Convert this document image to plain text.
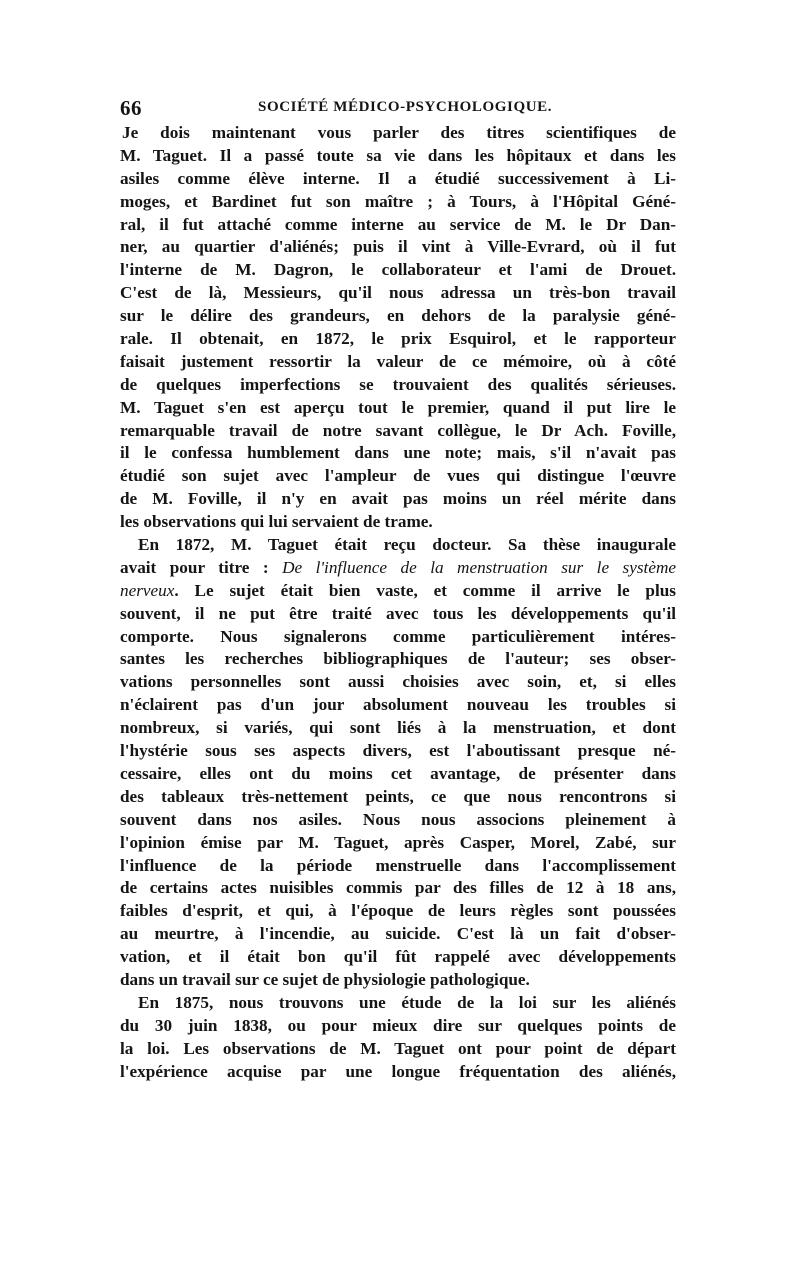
66	SOCIÉTÉ MÉDICO-PSYCHOLOGIQUE.
Je dois maintenant vous parler des titres scientifiques de
M. Taguet. Il a passé toute sa vie dans les hôpitaux et dans les
asiles comme élève interne. Il a étudié successivement à Li-
moges, et Bardinet fut son maître ; à Tours, à l'Hôpital Géné-
ral, il fut attaché comme interne au service de M. le Dr Dan-
ner, au quartier d'aliénés; puis il vint à Ville-Evrard, où il fut
l'interne de M. Dagron, le collaborateur et l'ami de Drouet.
C'est de là, Messieurs, qu'il nous adressa un très-bon travail
sur le délire des grandeurs, en dehors de la paralysie géné-
rale. Il obtenait, en 1872, le prix Esquirol, et le rapporteur
faisait justement ressortir la valeur de ce mémoire, où à côté
de quelques imperfections se trouvaient des qualités sérieuses.
M. Taguet s'en est aperçu tout le premier, quand il put lire le
remarquable travail de notre savant collègue, le Dr Ach. Foville,
il le confessa humblement dans une note; mais, s'il n'avait pas
étudié son sujet avec l'ampleur de vues qui distingue l'œuvre
de M. Foville, il n'y en avait pas moins un réel mérite dans
les observations qui lui servaient de trame.
En 1872, M. Taguet était reçu docteur. Sa thèse inaugurale
avait pour titre : De l'influence de la menstruation sur le système
nerveux. Le sujet était bien vaste, et comme il arrive le plus
souvent, il ne put être traité avec tous les développements qu'il
comporte. Nous signalerons comme particulièrement intéres-
santes les recherches bibliographiques de l'auteur; ses obser-
vations personnelles sont aussi choisies avec soin, et, si elles
n'éclairent pas d'un jour absolument nouveau les troubles si
nombreux, si variés, qui sont liés à la menstruation, et dont
l'hystérie sous ses aspects divers, est l'aboutissant presque né-
cessaire, elles ont du moins cet avantage, de présenter dans
des tableaux très-nettement peints, ce que nous rencontrons si
souvent dans nos asiles. Nous nous associons pleinement à
l'opinion émise par M. Taguet, après Casper, Morel, Zabé, sur
l'influence de la période menstruelle dans l'accomplissement
de certains actes nuisibles commis par des filles de 12 à 18 ans,
faibles d'esprit, et qui, à l'époque de leurs règles sont poussées
au meurtre, à l'incendie, au suicide. C'est là un fait d'obser-
vation, et il était bon qu'il fût rappelé avec développements
dans un travail sur ce sujet de physiologie pathologique.
En 1875, nous trouvons une étude de la loi sur les aliénés
du 30 juin 1838, ou pour mieux dire sur quelques points de
la loi. Les observations de M. Taguet ont pour point de départ
l'expérience acquise par une longue fréquentation des aliénés,
